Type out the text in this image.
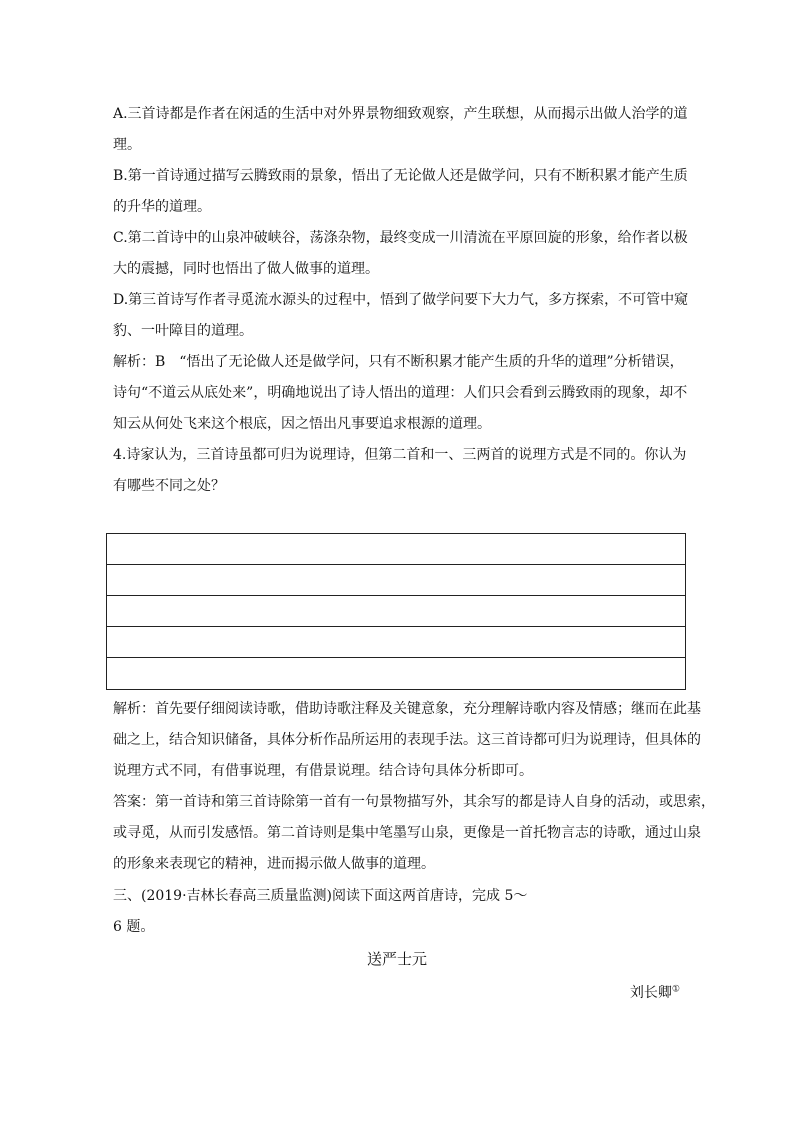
A.三首诗都是作者在闲适的生活中对外界景物细致观察，产生联想，从而揭示出做人治学的道
理。
B.第一首诗通过描写云腾致雨的景象，悟出了无论做人还是做学问，只有不断积累才能产生质
的升华的道理。
C.第二首诗中的山泉冲破峡谷，荡涤杂物，最终变成一川清流在平原回旋的形象，给作者以极
大的震撼，同时也悟出了做人做事的道理。
D.第三首诗写作者寻觅流水源头的过程中，悟到了做学问要下大力气，多方探索，不可管中窥
豹、一叶障目的道理。
解析：B　“悟出了无论做人还是做学问，只有不断积累才能产生质的升华的道理”分析错误，
诗句“不道云从底处来”，明确地说出了诗人悟出的道理：人们只会看到云腾致雨的现象，却不
知云从何处飞来这个根底，因之悟出凡事要追求根源的道理。
4.诗家认为，三首诗虽都可归为说理诗，但第二首和一、三两首的说理方式是不同的。你认为
有哪些不同之处？
解析：首先要仔细阅读诗歌，借助诗歌注释及关键意象，充分理解诗歌内容及情感；继而在此基
础之上，结合知识储备，具体分析作品所运用的表现手法。这三首诗都可归为说理诗，但具体的
说理方式不同，有借事说理，有借景说理。结合诗句具体分析即可。
答案：第一首诗和第三首诗除第一首有一句景物描写外，其余写的都是诗人自身的活动，或思索，
或寻觅，从而引发感悟。第二首诗则是集中笔墨写山泉，更像是一首托物言志的诗歌，通过山泉
的形象来表现它的精神，进而揭示做人做事的道理。
三、(2019·吉林长春高三质量监测)阅读下面这两首唐诗，完成 5～
6 题。
送严士元
刘长卿①
